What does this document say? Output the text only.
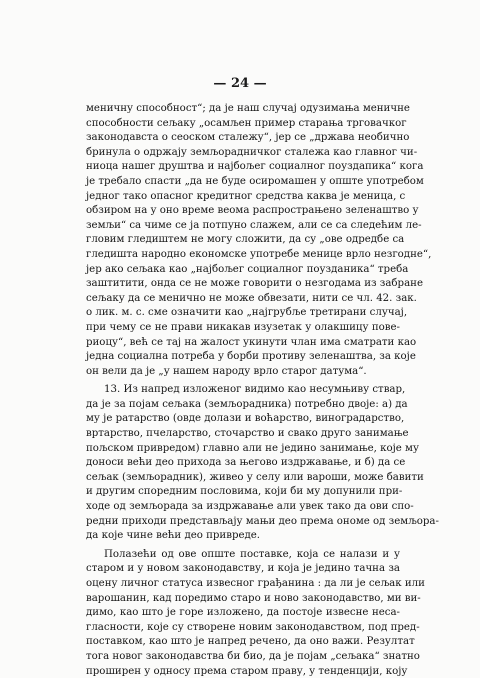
— 24 —
меничну способност“; да је наш случај одузимања меничне
способности сељаку „осамљен пример старања трговачког
законодавста о сеоском сталежу“, јер се „држава необично
бринула о одржају земљорадничког сталежа као главног чи-
ниоца нашег друштва и најбољег социалног поуздапика“ кога
је требало спасти „да не буде осиромашен у опште употребом
једног тако опасног кредитног средства каква је меница, с
обзиром на у оно време веома распрострањено зеленаштво у
земљи“ са чиме се ја потпуно слажем, али се са следећим ле-
гловим гледиштем не могу сложити, да су „ове одредбе са
гледишта народно економске употребе менице врло незгодне“,
јер ако сељака као „најбољег социалног поузданика“ треба
заштитити, онда се не може говорити о незгодама из забране
сељаку да се менично не може обвезати, нити се чл. 42. зак.
о лик. м. с. сме означити као „најгрубље третирани случај,
при чему се не прави никакав изузетак у олакшицу пове-
риоцу“, већ се тај на жалост укинути члан има сматрати као
једна социална потреба у борби противу зеленаштва, за које
он вели да је „у нашем народу врло старог датума“.
13. Из напред изложеног видимо као несумњиву ствар,
да је за појам сељака (земљорадника) потребно двоје: а) да
му је ратарство (овде долази и воћарство, виноградарство,
вртарство, пчеларство, сточарство и свако друго занимање
пољском привредом) главно али не једино занимање, које му
доноси већи део прихода за његово издржавање, и б) да се
сељак (земљорадник), живео у селу или вароши, може бавити
и другим споредним пословима, који би му допунили при-
ходе од земљорада за издржавање али увек тако да ови спо-
редни приходи представљају мањи део према ономе од земљора-
да које чине већи део привреде.
Полазећи од ове опште поставке, која се налази и у
старом и у новом законодавству, и која је једино тачна за
оцену личног статуса извесног грађанина : да ли је сељак или
варошанин, кад поредимо старо и ново законодавство, ми ви-
димо, као што је горе изложено, да постоје извесне неса-
гласности, које су створене новим законодавством, под пред-
поставком, као што је напред речено, да оно важи. Резултат
тога новог законодавства би био, да је појам „сељака“ знатно
проширен у односу према старом праву, у тенденцији, коју
